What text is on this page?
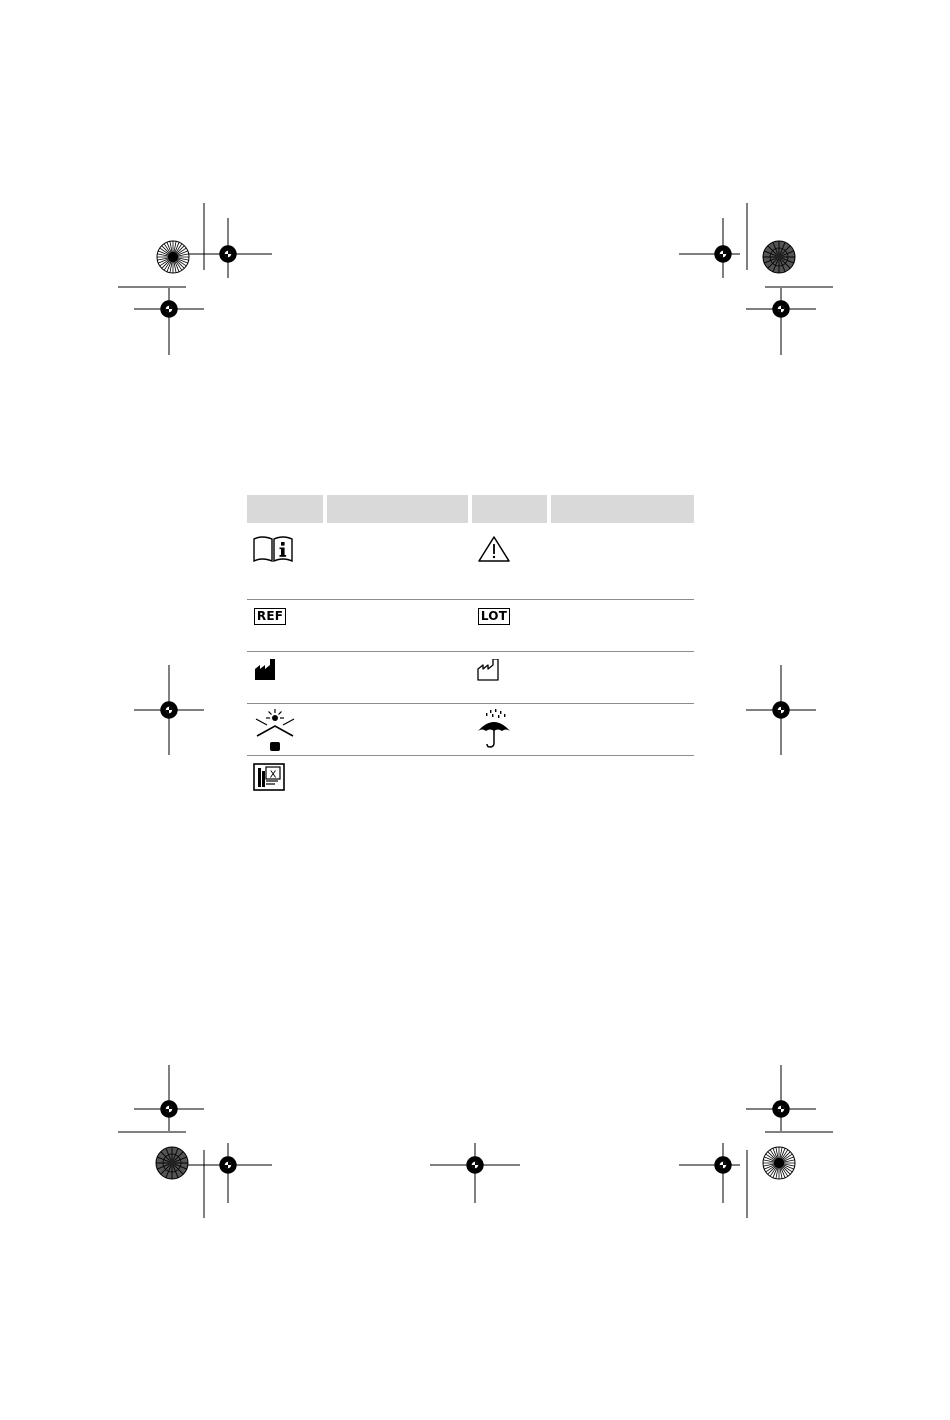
REF	LOT
X
